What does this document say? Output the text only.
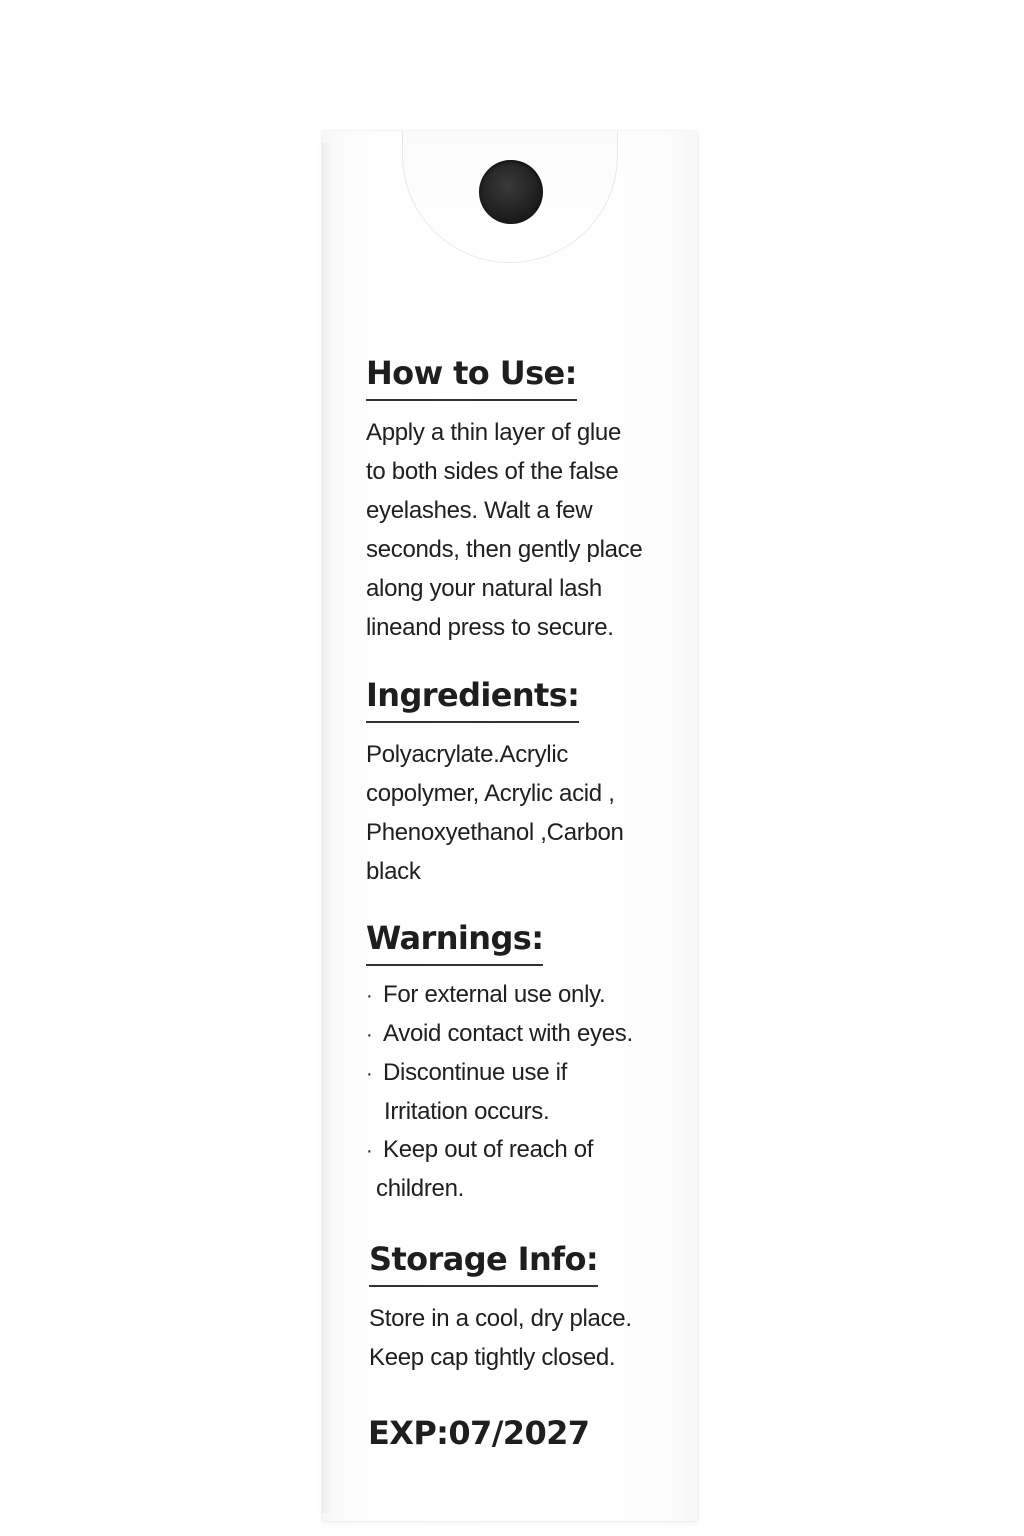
How to Use:
Apply a thin layer of glue
to both sides of the false
eyelashes. Walt a few
seconds, then gently place
along your natural lash
lineand press to secure.
Ingredients:
Polyacrylate.Acrylic
copolymer, Acrylic acid ,
Phenoxyethanol ,Carbon
black
Warnings:
· For external use only.
· Avoid contact with eyes.
· Discontinue use if
Irritation occurs.
· Keep out of reach of
children.
Storage Info:
Store in a cool, dry place.
Keep cap tightly closed.
EXP:07/2027
